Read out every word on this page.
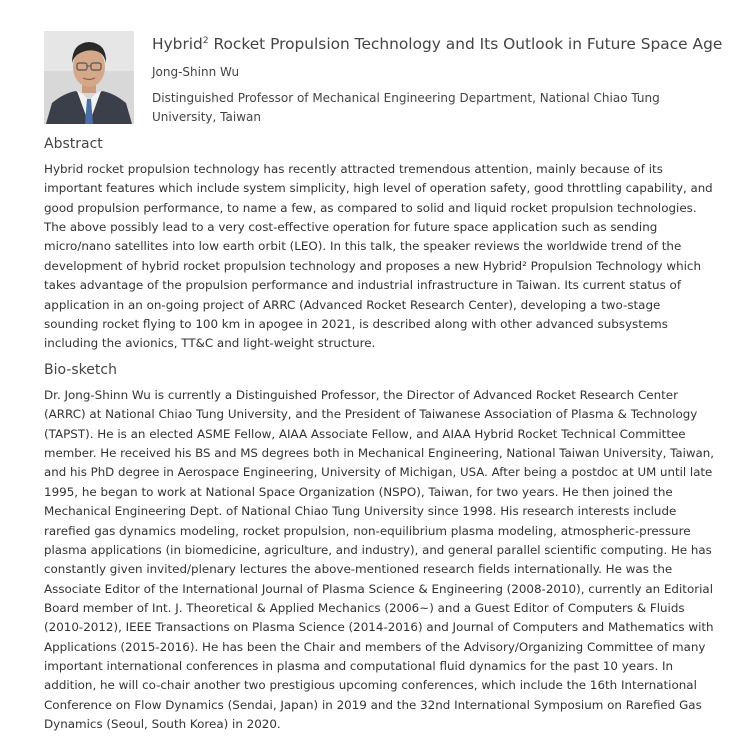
Hybrid$^2$ Rocket Propulsion Technology and Its Outlook in Future Space Age
Jong-Shinn Wu
Distinguished Professor of Mechanical Engineering Department, National Chiao Tung
University, Taiwan
Abstract
Hybrid rocket propulsion technology has recently attracted tremendous attention, mainly because of its
important features which include system simplicity, high level of operation safety, good throttling capability, and
good propulsion performance, to name a few, as compared to solid and liquid rocket propulsion technologies.
The above possibly lead to a very cost-effective operation for future space application such as sending
micro/nano satellites into low earth orbit (LEO). In this talk, the speaker reviews the worldwide trend of the
development of hybrid rocket propulsion technology and proposes a new Hybrid² Propulsion Technology which
takes advantage of the propulsion performance and industrial infrastructure in Taiwan. Its current status of
application in an on-going project of ARRC (Advanced Rocket Research Center), developing a two-stage
sounding rocket flying to 100 km in apogee in 2021, is described along with other advanced subsystems
including the avionics, TT&C and light-weight structure.
Bio-sketch
Dr. Jong-Shinn Wu is currently a Distinguished Professor, the Director of Advanced Rocket Research Center
(ARRC) at National Chiao Tung University, and the President of Taiwanese Association of Plasma & Technology
(TAPST). He is an elected ASME Fellow, AIAA Associate Fellow, and AIAA Hybrid Rocket Technical Committee
member. He received his BS and MS degrees both in Mechanical Engineering, National Taiwan University, Taiwan,
and his PhD degree in Aerospace Engineering, University of Michigan, USA. After being a postdoc at UM until late
1995, he began to work at National Space Organization (NSPO), Taiwan, for two years. He then joined the
Mechanical Engineering Dept. of National Chiao Tung University since 1998. His research interests include
rarefied gas dynamics modeling, rocket propulsion, non-equilibrium plasma modeling, atmospheric-pressure
plasma applications (in biomedicine, agriculture, and industry), and general parallel scientific computing. He has
constantly given invited/plenary lectures the above-mentioned research fields internationally. He was the
Associate Editor of the International Journal of Plasma Science & Engineering (2008-2010), currently an Editorial
Board member of Int. J. Theoretical & Applied Mechanics (2006~) and a Guest Editor of Computers & Fluids
(2010-2012), IEEE Transactions on Plasma Science (2014-2016) and Journal of Computers and Mathematics with
Applications (2015-2016). He has been the Chair and members of the Advisory/Organizing Committee of many
important international conferences in plasma and computational fluid dynamics for the past 10 years. In
addition, he will co-chair another two prestigious upcoming conferences, which include the 16th International
Conference on Flow Dynamics (Sendai, Japan) in 2019 and the 32nd International Symposium on Rarefied Gas
Dynamics (Seoul, South Korea) in 2020.
